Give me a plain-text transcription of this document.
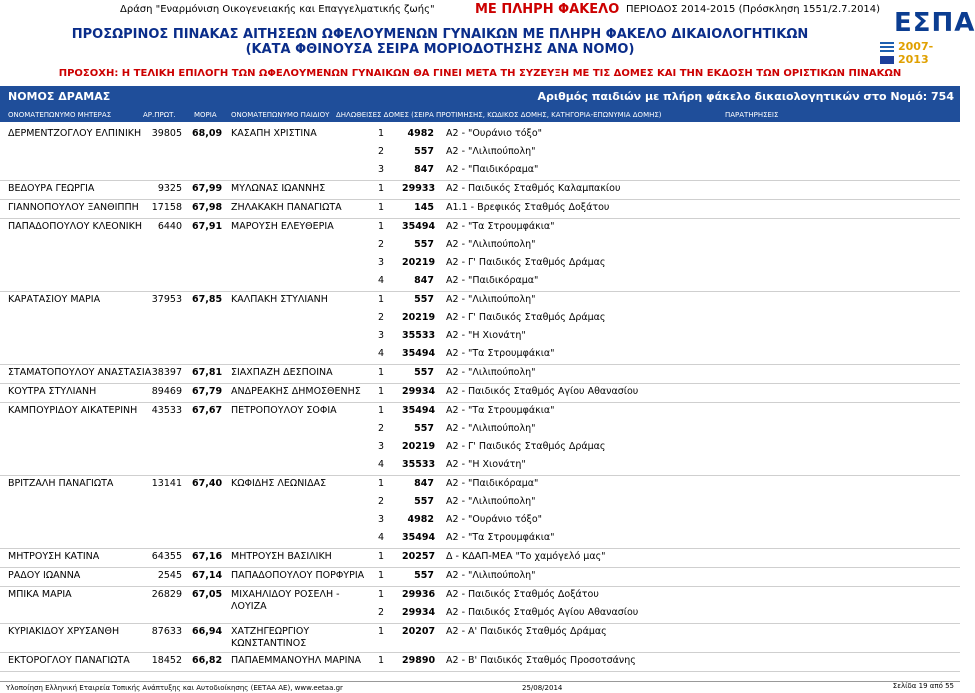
Δράση "Εναρμόνιση Οικογενειακής και Επαγγελματικής ζωής"	ΜΕ ΠΛΗΡΗ ΦΑΚΕΛΟ ΠΕΡΙΟΔΟΣ 2014-2015 (Πρόσκληση 1551/2.7.2014)
ΠΡΟΣΩΡΙΝΟΣ ΠΙΝΑΚΑΣ ΑΙΤΗΣΕΩΝ ΩΦΕΛΟΥΜΕΝΩΝ ΓΥΝΑΙΚΩΝ ΜΕ ΠΛΗΡΗ ΦΑΚΕΛΟ ΔΙΚΑΙΟΛΟΓΗΤΙΚΩΝ
(ΚΑΤΑ ΦΘΙΝΟΥΣΑ ΣΕΙΡΑ ΜΟΡΙΟΔΟΤΗΣΗΣ ΑΝΑ ΝΟΜΟ)
ΕΣΠΑ
2007-2013
ΠΡΟΣΟΧΗ: Η ΤΕΛΙΚΗ ΕΠΙΛΟΓΗ ΤΩΝ ΩΦΕΛΟΥΜΕΝΩΝ ΓΥΝΑΙΚΩΝ ΘΑ ΓΙΝΕΙ ΜΕΤΑ ΤΗ ΣΥΖΕΥΞΗ ΜΕ ΤΙΣ ΔΟΜΕΣ ΚΑΙ ΤΗΝ ΕΚΔΟΣΗ ΤΩΝ ΟΡΙΣΤΙΚΩΝ ΠΙΝΑΚΩΝ
ΝΟΜΟΣ ΔΡΑΜΑΣ	Αριθμός παιδιών με πλήρη φάκελο δικαιολογητικών στο Νομό: 754
ΟΝΟΜΑΤΕΠΩΝΥΜΟ ΜΗΤΕΡΑΣ	ΑΡ.ΠΡΩΤ.	ΜΟΡΙΑ ΟΝΟΜΑΤΕΠΩΝΥΜΟ ΠΑΙΔΙΟΥ ΔΗΛΩΘΕΙΣΕΣ ΔΟΜΕΣ (ΣΕΙΡΑ ΠΡΟΤΙΜΗΣΗΣ, ΚΩΔΙΚΟΣ ΔΟΜΗΣ, ΚΑΤΗΓΟΡΙΑ-ΕΠΩΝΥΜΙΑ ΔΟΜΗΣ)	ΠΑΡΑΤΗΡΗΣΕΙΣ
ΔΕΡΜΕΝΤΖΟΓΛΟΥ ΕΛΠΙΝΙΚΗ	39805 68,09 ΚΑΣΑΠΗ ΧΡΙΣΤΙΝΑ	1	4982 Α2 - "Ουράνιο τόξο"
2	557 Α2 - "Λιλιπούπολη"
3	847 Α2 - "Παιδικόραμα"
ΒΕΔΟΥΡΑ ΓΕΩΡΓΙΑ	9325 67,99 ΜΥΛΩΝΑΣ ΙΩΑΝΝΗΣ	1 29933 Α2 - Παιδικός Σταθμός Καλαμπακίου
ΓΙΑΝΝΟΠΟΥΛΟΥ ΞΑΝΘΙΠΠΗ	17158 67,98 ΖΗΛΑΚΑΚΗ ΠΑΝΑΓΙΩΤΑ	1	145 Α1.1 - Βρεφικός Σταθμός Δοξάτου
ΠΑΠΑΔΟΠΟΥΛΟΥ ΚΛΕΟΝΙΚΗ	6440 67,91 ΜΑΡΟΥΣΗ ΕΛΕΥΘΕΡΙΑ	1 35494 Α2 - "Τα Στρουμφάκια"
2	557 Α2 - "Λιλιπούπολη"
3 20219 Α2 - Γ' Παιδικός Σταθμός Δράμας
4	847 Α2 - "Παιδικόραμα"
ΚΑΡΑΤΑΣΙΟΥ ΜΑΡΙΑ	37953 67,85 ΚΑΛΠΑΚΗ ΣΤΥΛΙΑΝΗ	1	557 Α2 - "Λιλιπούπολη"
2 20219 Α2 - Γ' Παιδικός Σταθμός Δράμας
3 35533 Α2 - "Η Χιονάτη"
4 35494 Α2 - "Τα Στρουμφάκια"
ΣΤΑΜΑΤΟΠΟΥΛΟΥ ΑΝΑΣΤΑΣΙΑ 38397 67,81 ΣΙΑΧΠΑΖΗ ΔΕΣΠΟΙΝΑ	1	557 Α2 - "Λιλιπούπολη"
ΚΟΥΤΡΑ ΣΤΥΛΙΑΝΗ	89469 67,79 ΑΝΔΡΕΑΚΗΣ ΔΗΜΟΣΘΕΝΗΣ 1 29934 Α2 - Παιδικός Σταθμός Αγίου Αθανασίου
ΚΑΜΠΟΥΡΙΔΟΥ ΑΙΚΑΤΕΡΙΝΗ	43533 67,67 ΠΕΤΡΟΠΟΥΛΟΥ ΣΟΦΙΑ	1 35494 Α2 - "Τα Στρουμφάκια"
2	557 Α2 - "Λιλιπούπολη"
3 20219 Α2 - Γ' Παιδικός Σταθμός Δράμας
4 35533 Α2 - "Η Χιονάτη"
ΒΡΙΤΖΑΛΗ ΠΑΝΑΓΙΩΤΑ	13141 67,40 ΚΩΦΙΔΗΣ ΛΕΩΝΙΔΑΣ	1	847 Α2 - "Παιδικόραμα"
2	557 Α2 - "Λιλιπούπολη"
3	4982 Α2 - "Ουράνιο τόξο"
4 35494 Α2 - "Τα Στρουμφάκια"
ΜΗΤΡΟΥΣΗ ΚΑΤΙΝΑ	64355 67,16 ΜΗΤΡΟΥΣΗ ΒΑΣΙΛΙΚΗ	1 20257 Δ - ΚΔΑΠ-ΜΕΑ "Το χαμόγελό μας"
ΡΑΔΟΥ ΙΩΑΝΝΑ	2545 67,14 ΠΑΠΑΔΟΠΟΥΛΟΥ ΠΟΡΦΥΡΙΑ 1	557 Α2 - "Λιλιπούπολη"
ΜΠΙΚΑ ΜΑΡΙΑ	26829 67,05 ΜΙΧΑΗΛΙΔΟΥ ΡΟΣΕΛΗ - ΛΟΥΙΖΑ
1 29936 Α2 - Παιδικός Σταθμός Δοξάτου
2 29934 Α2 - Παιδικός Σταθμός Αγίου Αθανασίου
ΚΥΡΙΑΚΙΔΟΥ ΧΡΥΣΑΝΘΗ	87633 66,94 ΧΑΤΖΗΓΕΩΡΓΙΟΥ ΚΩΝΣΤΑΝΤΙΝΟΣ
1 20207 Α2 - Α' Παιδικός Σταθμός Δράμας
ΕΚΤΟΡΟΓΛΟΥ ΠΑΝΑΓΙΩΤΑ	18452 66,82 ΠΑΠΑΕΜΜΑΝΟΥΗΛ ΜΑΡΙΝΑ 1 29890 Α2 - Β' Παιδικός Σταθμός Προσοτσάνης
Υλοποίηση Ελληνική Εταιρεία Τοπικής Ανάπτυξης και Αυτοδιοίκησης (ΕΕΤΑΑ ΑΕ), www.eetaa.gr	25/08/2014	Σελίδα 19 από 55
